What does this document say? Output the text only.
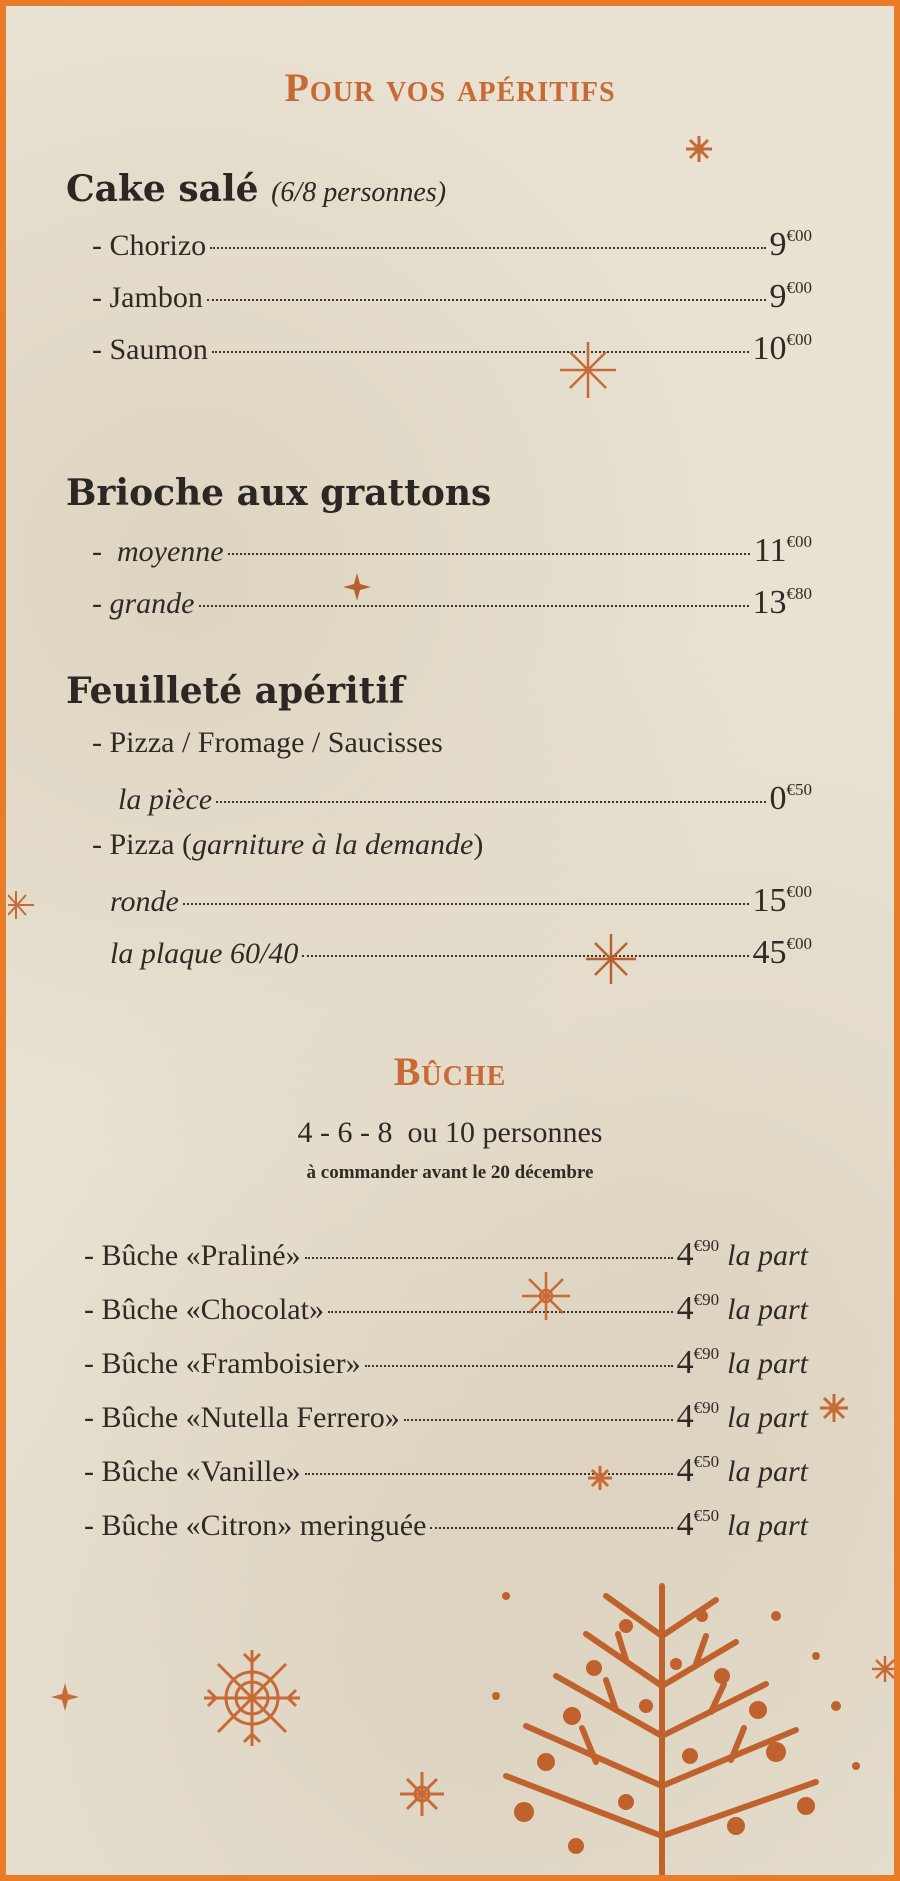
Pour vos apéritifs
Cake salé (6/8 personnes)
- Chorizo	$9^{€00}$
- Jambon	$9^{€00}$
- Saumon	$10^{€00}$
Brioche aux grattons
- moyenne	$11^{€00}$
- grande	$13^{€80}$
Feuilleté apéritif
- Pizza / Fromage / Saucisses
la pièce	$0^{€50}$
- Pizza (garniture à la demande)
ronde	$15^{€00}$
la plaque 60/40	$45^{€00}$
Bûche
4 - 6 - 8  ou 10 personnes
à commander avant le 20 décembre
- Bûche «Praliné»	$4^{€90}$ la part
- Bûche «Chocolat»	$4^{€90}$ la part
- Bûche «Framboisier»	$4^{€90}$ la part
- Bûche «Nutella Ferrero»	$4^{€90}$ la part
- Bûche «Vanille»	$4^{€50}$ la part
- Bûche «Citron» meringuée	$4^{€50}$ la part
